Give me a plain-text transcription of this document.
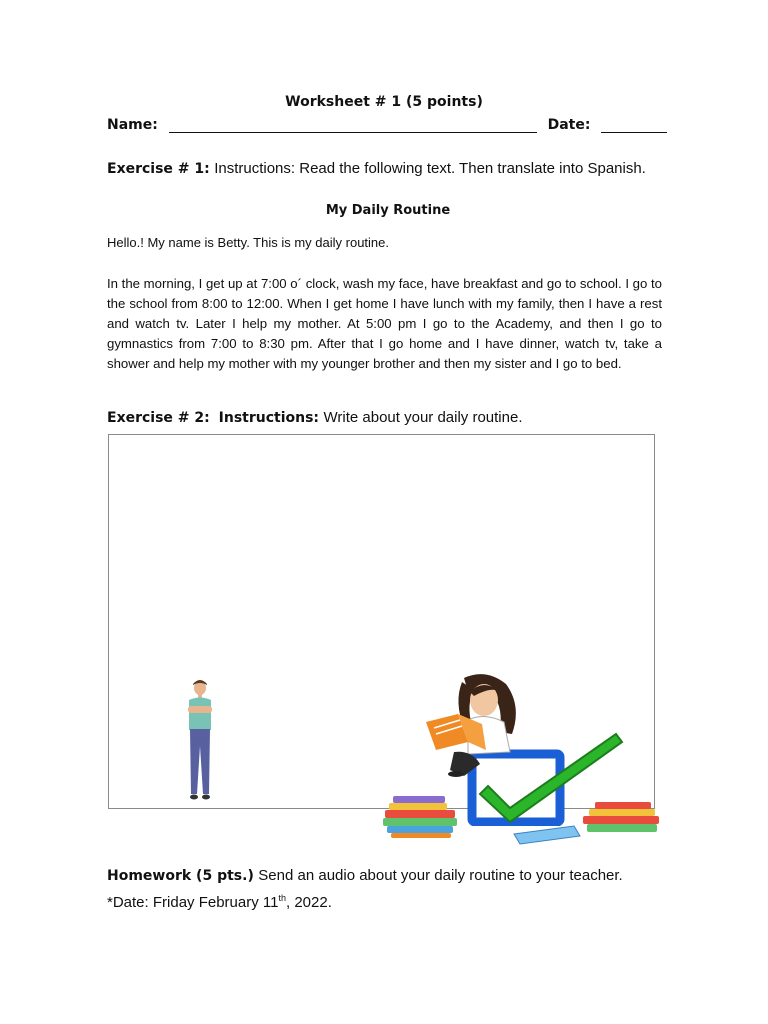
Worksheet # 1 (5 points)
Name:	Date:
Exercise # 1: Instructions: Read the following text. Then translate into Spanish.
My Daily Routine
Hello.! My name is Betty. This is my daily routine.
In the morning, I get up at 7:00 o´ clock, wash my face, have breakfast and go to school. I go to the school from 8:00 to 12:00. When I get home I have lunch with my family, then I have a rest and watch tv. Later I help my mother. At 5:00 pm I go to the Academy, and then I go to gymnastics from 7:00 to 8:30 pm. After that I go home and I have dinner, watch tv, take a shower and help my mother with my younger brother and then my sister and I go to bed.
Exercise # 2: Instructions: Write about your daily routine.
Homework (5 pts.) Send an audio about your daily routine to your teacher.
*Date: Friday February 11th, 2022.
